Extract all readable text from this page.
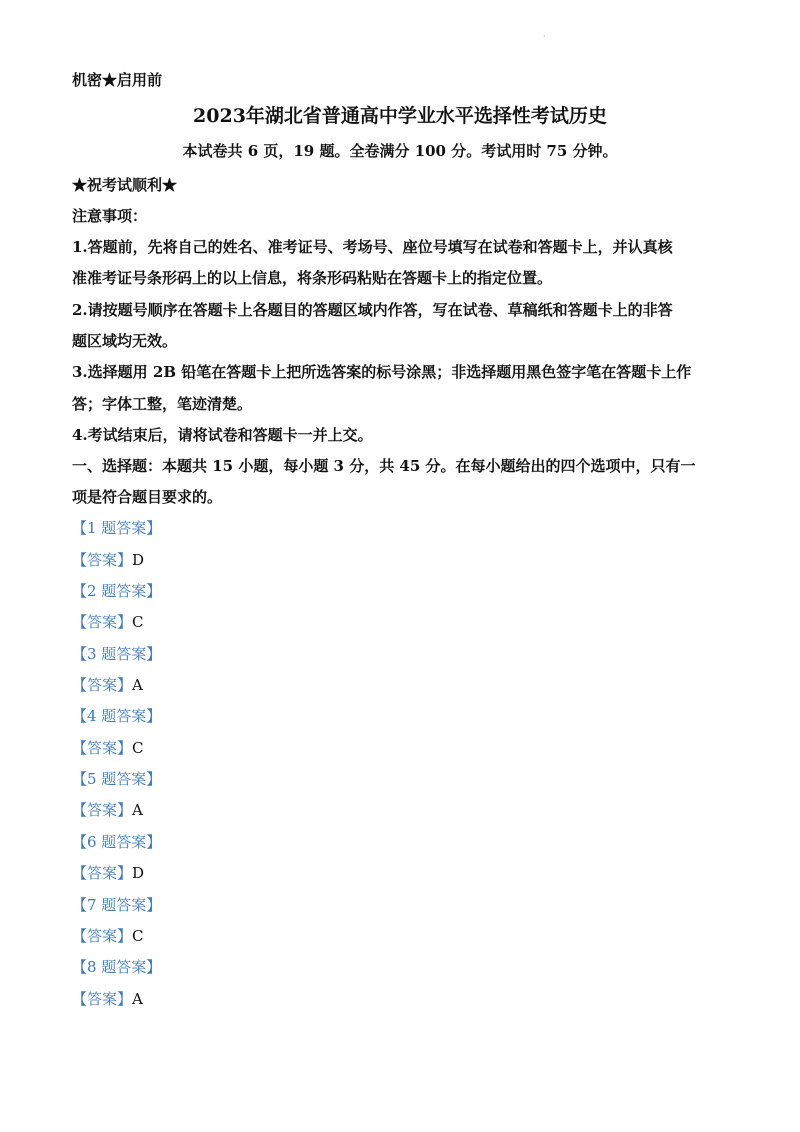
·
机密★启用前
2023年湖北省普通高中学业水平选择性考试历史
本试卷共 6 页，19 题。全卷满分 100 分。考试用时 75 分钟。
★祝考试顺利★
注意事项：
1.答题前，先将自己的姓名、准考证号、考场号、座位号填写在试卷和答题卡上，并认真核
准准考证号条形码上的以上信息，将条形码粘贴在答题卡上的指定位置。
2.请按题号顺序在答题卡上各题目的答题区域内作答，写在试卷、草稿纸和答题卡上的非答
题区域均无效。
3.选择题用 2B 铅笔在答题卡上把所选答案的标号涂黑；非选择题用黑色签字笔在答题卡上作
答；字体工整，笔迹清楚。
4.考试结束后，请将试卷和答题卡一并上交。
一、选择题：本题共 15 小题，每小题 3 分，共 45 分。在每小题给出的四个选项中，只有一
项是符合题目要求的。
【1 题答案】
【答案】D
【2 题答案】
【答案】C
【3 题答案】
【答案】A
【4 题答案】
【答案】C
【5 题答案】
【答案】A
【6 题答案】
【答案】D
【7 题答案】
【答案】C
【8 题答案】
【答案】A
